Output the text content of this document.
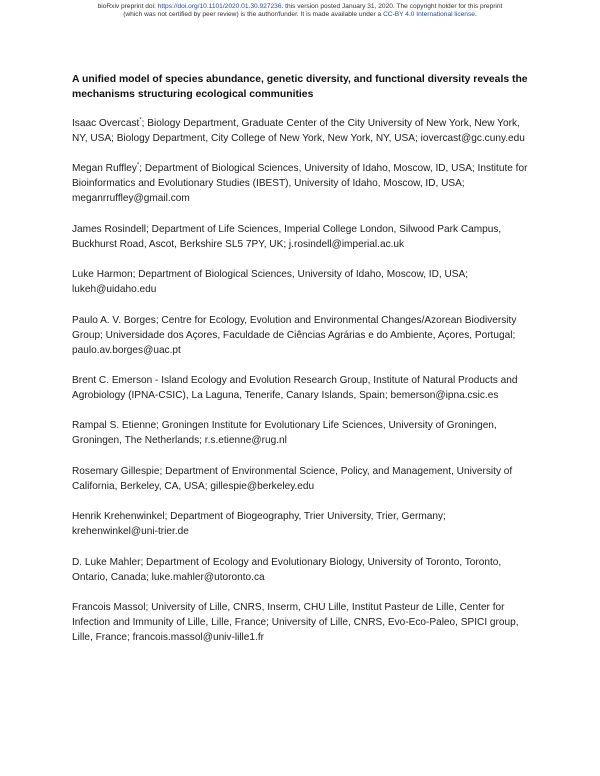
bioRxiv preprint doi: https://doi.org/10.1101/2020.01.30.927236. this version posted January 31, 2020. The copyright holder for this preprint
(which was not certified by peer review) is the author/funder. It is made available under a CC-BY 4.0 International license.
A unified model of species abundance, genetic diversity, and functional diversity reveals the mechanisms structuring ecological communities

Isaac Overcast*; Biology Department, Graduate Center of the City University of New York, New York, NY, USA; Biology Department, City College of New York, New York, NY, USA; iovercast@gc.cuny.edu

Megan Ruffley*; Department of Biological Sciences, University of Idaho, Moscow, ID, USA; Institute for Bioinformatics and Evolutionary Studies (IBEST), University of Idaho, Moscow, ID, USA; meganrruffley@gmail.com

James Rosindell; Department of Life Sciences, Imperial College London, Silwood Park Campus, Buckhurst Road, Ascot, Berkshire SL5 7PY, UK; j.rosindell@imperial.ac.uk

Luke Harmon; Department of Biological Sciences, University of Idaho, Moscow, ID, USA; lukeh@uidaho.edu

Paulo A. V. Borges; Centre for Ecology, Evolution and Environmental Changes/Azorean Biodiversity Group; Universidade dos Açores, Faculdade de Ciências Agrárias e do Ambiente, Açores, Portugal; paulo.av.borges@uac.pt

Brent C. Emerson - Island Ecology and Evolution Research Group, Institute of Natural Products and Agrobiology (IPNA-CSIC), La Laguna, Tenerife, Canary Islands, Spain; bemerson@ipna.csic.es

Rampal S. Etienne; Groningen Institute for Evolutionary Life Sciences, University of Groningen, Groningen, The Netherlands; r.s.etienne@rug.nl

Rosemary Gillespie; Department of Environmental Science, Policy, and Management, University of California, Berkeley, CA, USA; gillespie@berkeley.edu

Henrik Krehenwinkel; Department of Biogeography, Trier University, Trier, Germany; krehenwinkel@uni-trier.de

D. Luke Mahler; Department of Ecology and Evolutionary Biology, University of Toronto, Toronto, Ontario, Canada; luke.mahler@utoronto.ca

Francois Massol; University of Lille, CNRS, Inserm, CHU Lille, Institut Pasteur de Lille, Center for Infection and Immunity of Lille, Lille, France; University of Lille, CNRS, Evo-Eco-Paleo, SPICI group, Lille, France; francois.massol@univ-lille1.fr
